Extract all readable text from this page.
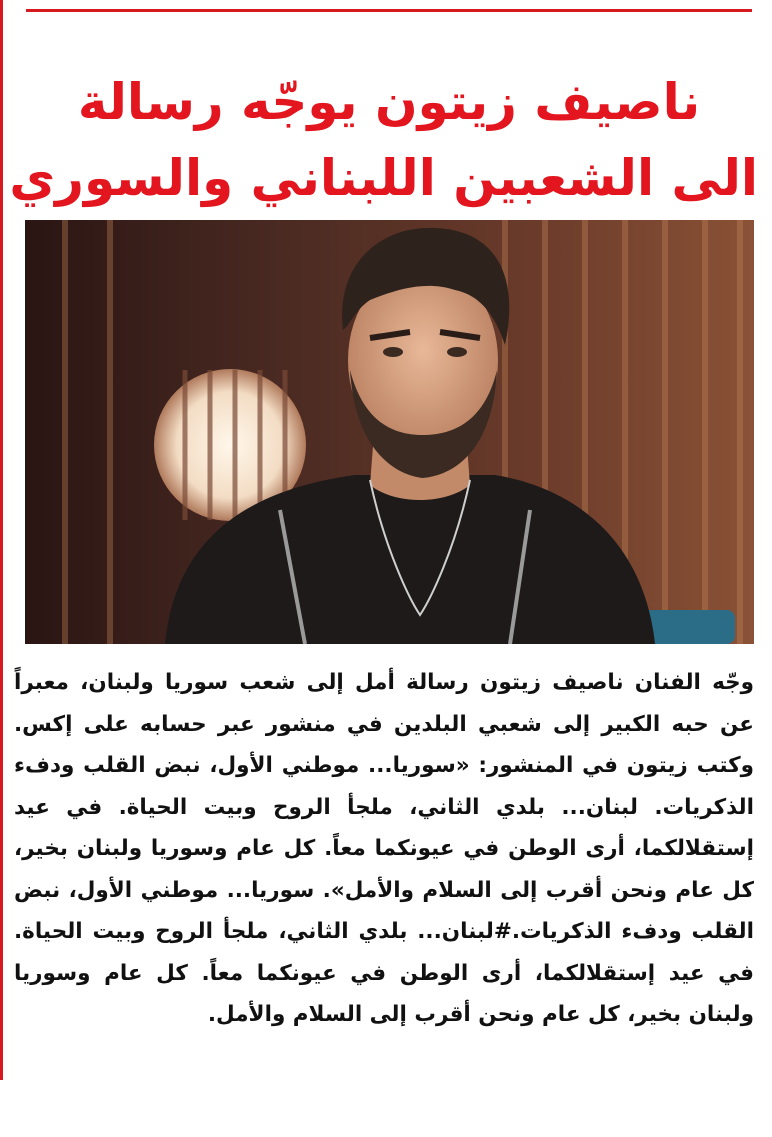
ناصيف زيتون يوجّه رسالة
الى الشعبين اللبناني والسوري

وجّه الفنان ناصيف زيتون رسالة أمل إلى شعب سوريا ولبنان، معبراً عن حبه الكبير إلى شعبي البلدين في منشور عبر حسابه على إكس. وكتب زيتون في المنشور: «سوريا... موطني الأول، نبض القلب ودفء الذكريات. لبنان... بلدي الثاني، ملجأ الروح وبيت الحياة. في عيد إستقلالكما، أرى الوطن في عيونكما معاً. كل عام وسوريا ولبنان بخير، كل عام ونحن أقرب إلى السلام والأمل». سوريا... موطني الأول، نبض القلب ودفء الذكريات.#لبنان... بلدي الثاني، ملجأ الروح وبيت الحياة. في عيد إستقلالكما، أرى الوطن في عيونكما معاً. كل عام وسوريا ولبنان بخير، كل عام ونحن أقرب إلى السلام والأمل.
